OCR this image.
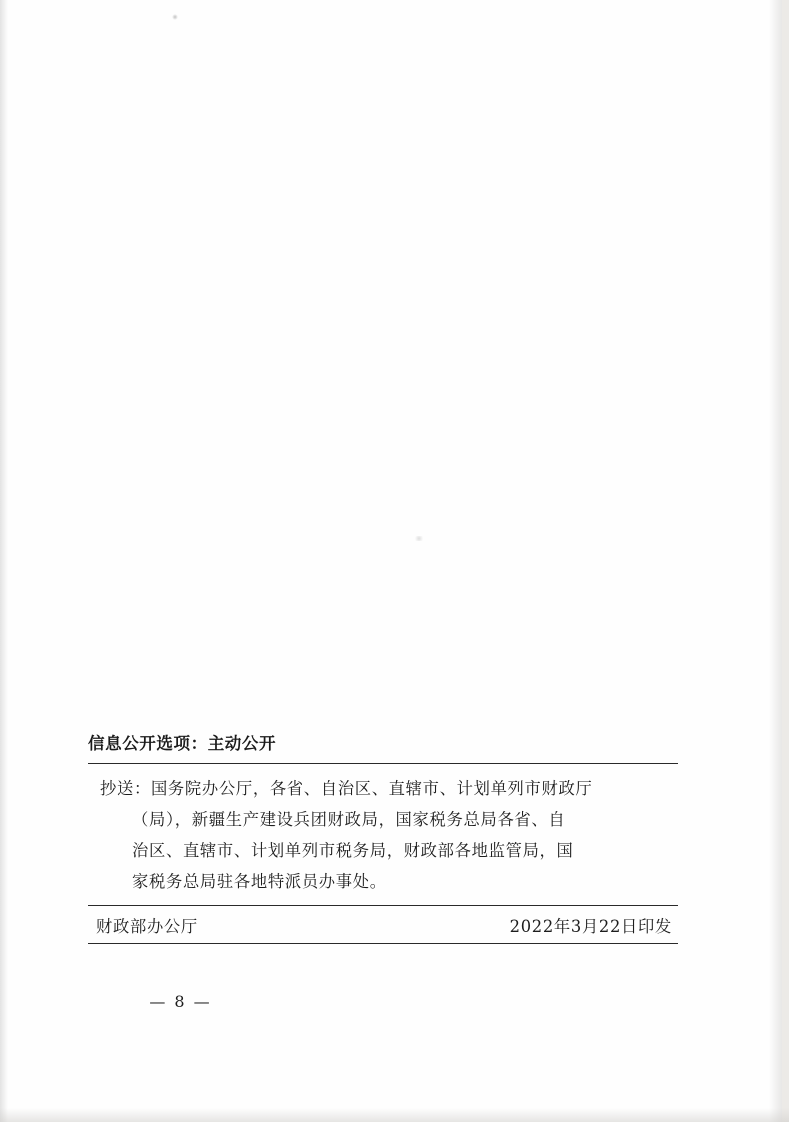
信息公开选项：主动公开
抄送：国务院办公厅，各省、自治区、直辖市、计划单列市财政厅
（局），新疆生产建设兵团财政局，国家税务总局各省、自
治区、直辖市、计划单列市税务局，财政部各地监管局，国
家税务总局驻各地特派员办事处。
财政部办公厅	2022年3月22日印发
— 8 —
